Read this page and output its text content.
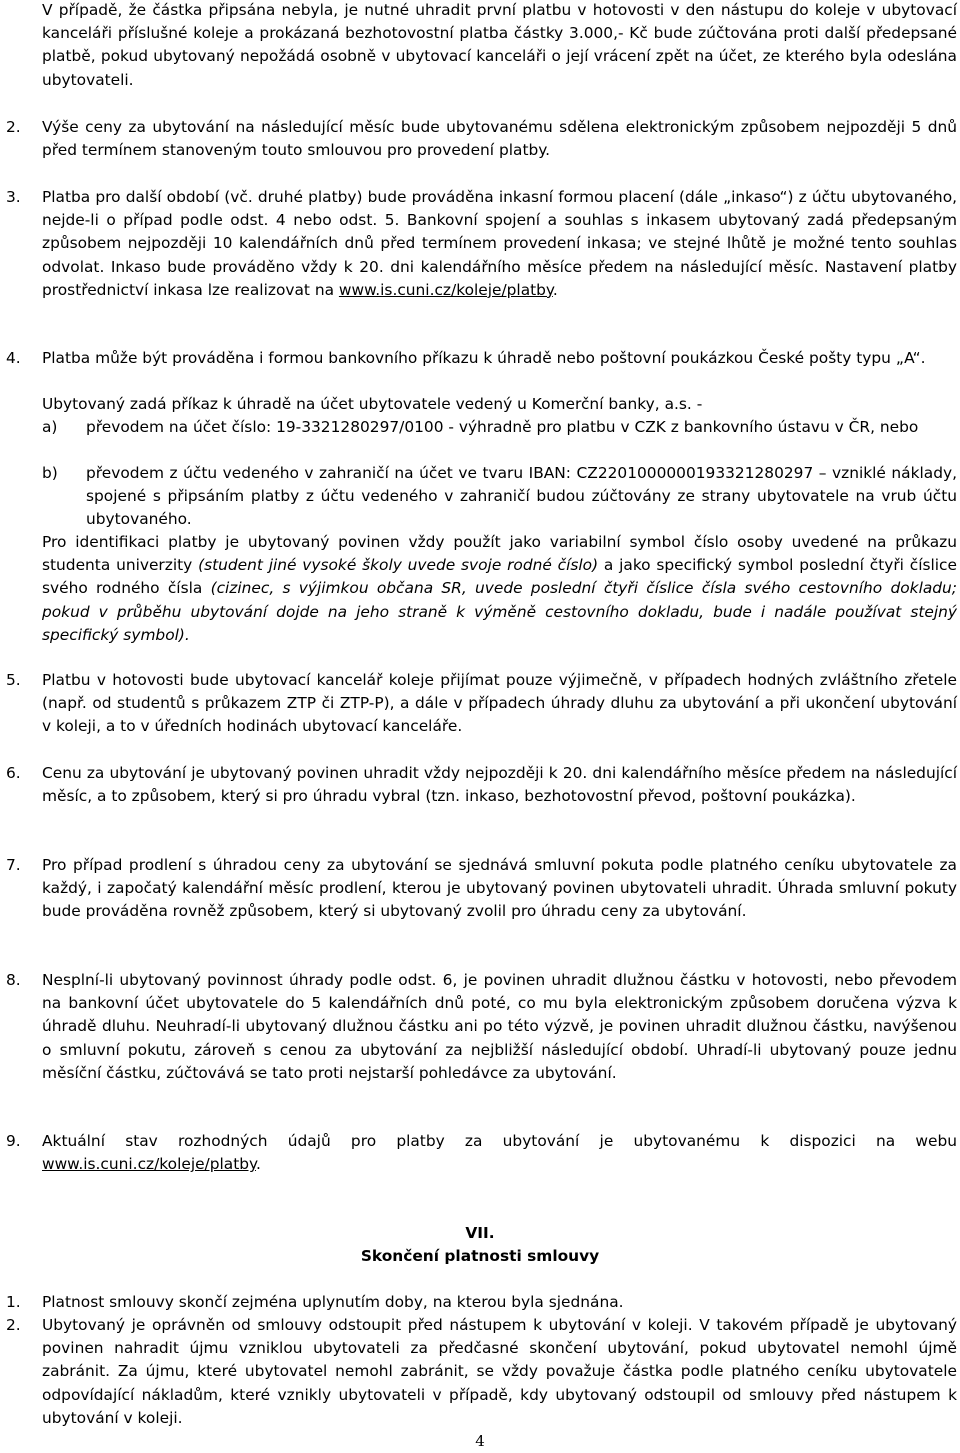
V případě, že částka připsána nebyla, je nutné uhradit první platbu v hotovosti v den nástupu do koleje v ubytovací kanceláři příslušné koleje a prokázaná bezhotovostní platba částky 3.000,- Kč bude zúčtována proti další předepsané platbě, pokud ubytovaný nepožádá osobně v ubytovací kanceláři o její vrácení zpět na účet, ze kterého byla odeslána ubytovateli.
2.	Výše ceny za ubytování na následující měsíc bude ubytovanému sdělena elektronickým způsobem nejpozději 5 dnů před termínem stanoveným touto smlouvou pro provedení platby.
3.	Platba pro další období (vč. druhé platby) bude prováděna inkasní formou placení (dále „inkaso“) z účtu ubytovaného, nejde-li o případ podle odst. 4 nebo odst. 5. Bankovní spojení a souhlas s inkasem ubytovaný zadá předepsaným způsobem nejpozději 10 kalendářních dnů před termínem provedení inkasa; ve stejné lhůtě je možné tento souhlas odvolat. Inkaso bude prováděno vždy k 20. dni kalendářního měsíce předem na následující měsíc. Nastavení platby prostřednictví inkasa lze realizovat na www.is.cuni.cz/koleje/platby.
4.	Platba může být prováděna i formou bankovního příkazu k úhradě nebo poštovní poukázkou České pošty typu „A“.
Ubytovaný zadá příkaz k úhradě na účet ubytovatele vedený u Komerční banky, a.s. -
a)	převodem na účet číslo: 19-3321280297/0100 - výhradně pro platbu v CZK z bankovního ústavu v ČR, nebo
b)	převodem z účtu vedeného v zahraničí na účet ve tvaru IBAN: CZ2201000000193321280297 – vzniklé náklady, spojené s připsáním platby z účtu vedeného v zahraničí budou zúčtovány ze strany ubytovatele na vrub účtu ubytovaného.
Pro identifikaci platby je ubytovaný povinen vždy použít jako variabilní symbol číslo osoby uvedené na průkazu studenta univerzity (student jiné vysoké školy uvede svoje rodné číslo) a jako specifický symbol poslední čtyři číslice svého rodného čísla (cizinec, s výjimkou občana SR, uvede poslední čtyři číslice čísla svého cestovního dokladu; pokud v průběhu ubytování dojde na jeho straně k výměně cestovního dokladu, bude i nadále používat stejný specifický symbol).
5.	Platbu v hotovosti bude ubytovací kancelář koleje přijímat pouze výjimečně, v případech hodných zvláštního zřetele (např. od studentů s průkazem ZTP či ZTP-P), a dále v případech úhrady dluhu za ubytování a při ukončení ubytování v koleji, a to v úředních hodinách ubytovací kanceláře.
6.	Cenu za ubytování je ubytovaný povinen uhradit vždy nejpozději k 20. dni kalendářního měsíce předem na následující měsíc, a to způsobem, který si pro úhradu vybral (tzn. inkaso, bezhotovostní převod, poštovní poukázka).
7.	Pro případ prodlení s úhradou ceny za ubytování se sjednává smluvní pokuta podle platného ceníku ubytovatele za každý, i započatý kalendářní měsíc prodlení, kterou je ubytovaný povinen ubytovateli uhradit. Úhrada smluvní pokuty bude prováděna rovněž způsobem, který si ubytovaný zvolil pro úhradu ceny za ubytování.
8.	Nesplní-li ubytovaný povinnost úhrady podle odst. 6, je povinen uhradit dlužnou částku v hotovosti, nebo převodem na bankovní účet ubytovatele do 5 kalendářních dnů poté, co mu byla elektronickým způsobem doručena výzva k úhradě dluhu. Neuhradí-li ubytovaný dlužnou částku ani po této výzvě, je povinen uhradit dlužnou částku, navýšenou o smluvní pokutu, zároveň s cenou za ubytování za nejbližší následující období. Uhradí-li ubytovaný pouze jednu měsíční částku, zúčtovává se tato proti nejstarší pohledávce za ubytování.
9.	Aktuální stav rozhodných údajů pro platby za ubytování je ubytovanému k dispozici na webu www.is.cuni.cz/koleje/platby.
VII.
Skončení platnosti smlouvy
1.	Platnost smlouvy skončí zejména uplynutím doby, na kterou byla sjednána.
2.	Ubytovaný je oprávněn od smlouvy odstoupit před nástupem k ubytování v koleji. V takovém případě je ubytovaný povinen nahradit újmu vzniklou ubytovateli za předčasné skončení ubytování, pokud ubytovatel nemohl újmě zabránit. Za újmu, které ubytovatel nemohl zabránit, se vždy považuje částka podle platného ceníku ubytovatele odpovídající nákladům, které vznikly ubytovateli v případě, kdy ubytovaný odstoupil od smlouvy před nástupem k ubytování v koleji.
4
